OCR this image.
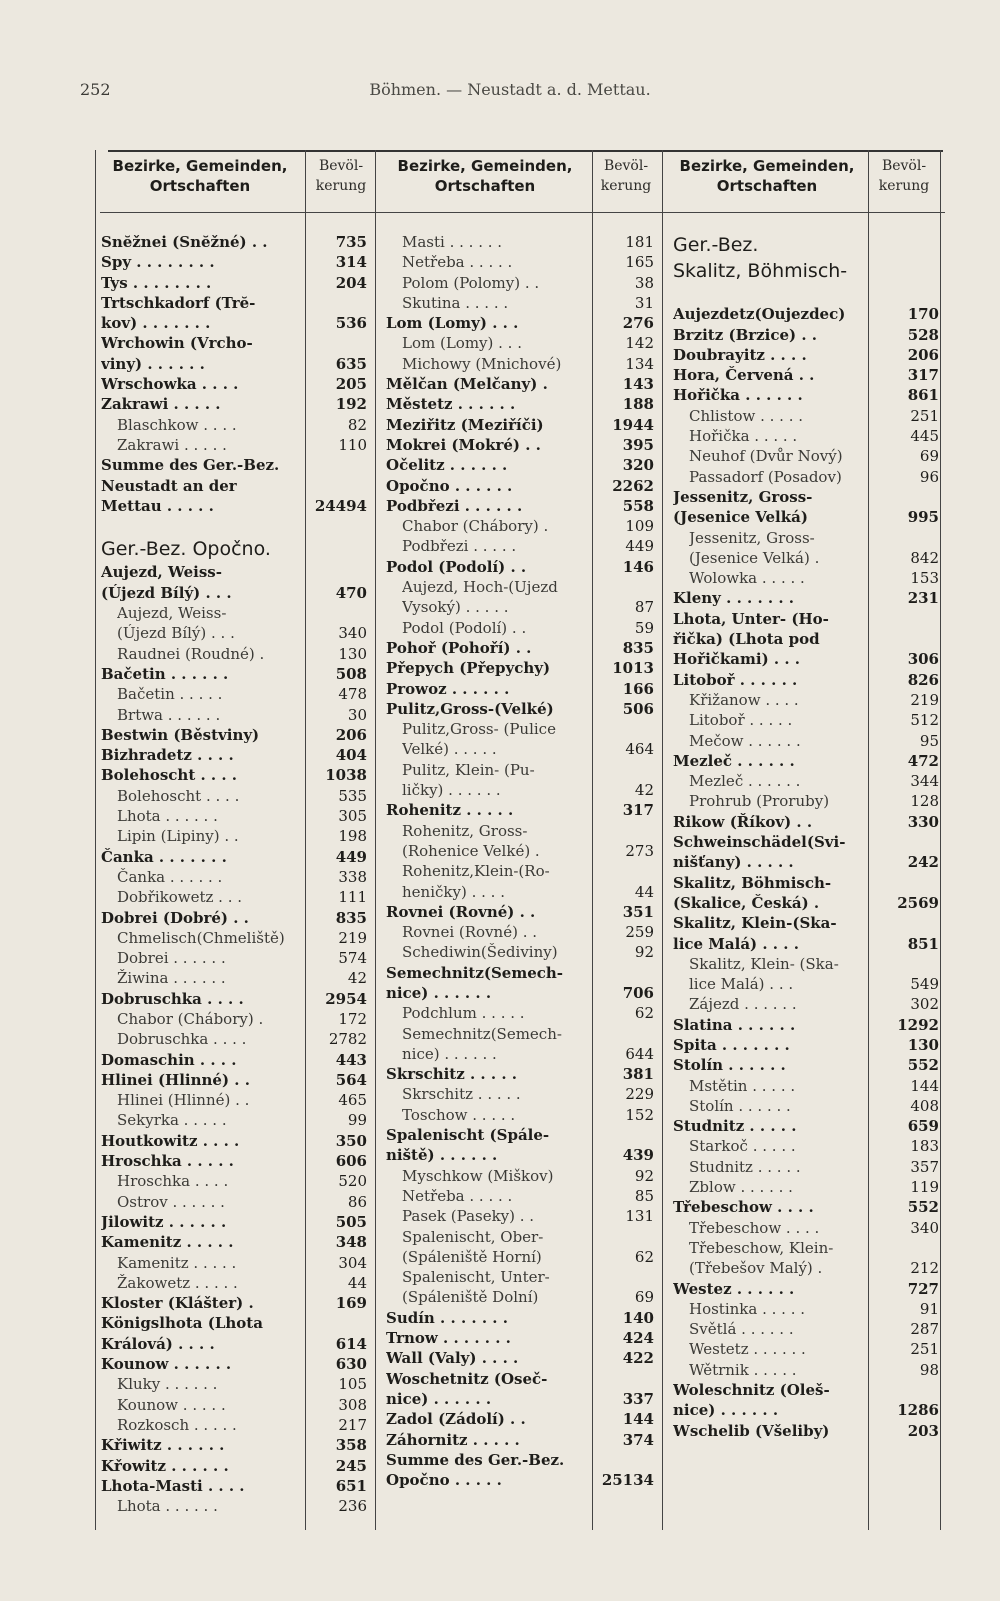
252	Böhmen. — Neustadt a. d. Mettau.
Bezirke, Gemeinden, Ortschaften
Bevöl- kerung
Bezirke, Gemeinden, Ortschaften
Bevöl- kerung
Bezirke, Gemeinden, Ortschaften
Bevöl- kerung
Snĕžnei (Snĕžné) . .	735
Spy . . . . . . . .	314
Tys . . . . . . . .	204
Trtschkadorf (Trĕ-
kov) . . . . . . .	536
Wrchowin (Vrcho-
viny) . . . . . .	635
Wrschowka . . . .	205
Zakrawi . . . . .	192
Blaschkow . . . .	82
Zakrawi . . . . .	110
Summe des Ger.-Bez.
Neustadt an der
Mettau . . . . .	24494
Ger.-Bez. Opočno.
Aujezd, Weiss-
(Újezd Bílý) . . .	470
Aujezd, Weiss-
(Újezd Bílý) . . .	340
Raudnei (Roudné) .	130
Bačetin . . . . . .	508
Bačetin . . . . .	478
Brtwa . . . . . .	30
Bestwin (Běstviny)	206
Bizhradetz . . . .	404
Bolehoscht . . . .	1038
Bolehoscht . . . .	535
Lhota . . . . . .	305
Lipin (Lipiny) . .	198
Čanka . . . . . . .	449
Čanka . . . . . .	338
Dobřikowetz . . .	111
Dobrei (Dobré) . .	835
Chmelisch(Chmeliště)	219
Dobrei . . . . . .	574
Žiwina . . . . . .	42
Dobruschka . . . .	2954
Chabor (Chábory) .	172
Dobruschka . . . .	2782
Domaschin . . . .	443
Hlinei (Hlinné) . .	564
Hlinei (Hlinné) . .	465
Sekyrka . . . . .	99
Houtkowitz . . . .	350
Hroschka . . . . .	606
Hroschka . . . .	520
Ostrov . . . . . .	86
Jilowitz . . . . . .	505
Kamenitz . . . . .	348
Kamenitz . . . . .	304
Žakowetz . . . . .	44
Kloster (Klášter) .	169
Königslhota (Lhota
Králová) . . . .	614
Kounow . . . . . .	630
Kluky . . . . . .	105
Kounow . . . . .	308
Rozkosch . . . . .	217
Křiwitz . . . . . .	358
Křowitz . . . . . .	245
Lhota-Masti . . . .	651
Lhota . . . . . .	236
Masti . . . . . .	181
Netřeba . . . . .	165
Polom (Polomy) . .	38
Skutina . . . . .	31
Lom (Lomy) . . .	276
Lom (Lomy) . . .	142
Michowy (Mnichové)	134
Mělčan (Melčany) .	143
Městetz . . . . . .	188
Meziřitz (Meziříči)	1944
Mokrei (Mokré) . .	395
Očelitz . . . . . .	320
Opočno . . . . . .	2262
Podbřezi . . . . . .	558
Chabor (Chábory) .	109
Podbřezi . . . . .	449
Podol (Podolí) . .	146
Aujezd, Hoch-(Ujezd
Vysoký) . . . . .	87
Podol (Podolí) . .	59
Pohoř (Pohoří) . .	835
Přepych (Přepychy)	1013
Prowoz . . . . . .	166
Pulitz,Gross-(Velké)	506
Pulitz,Gross- (Pulice
Velké) . . . . .	464
Pulitz, Klein- (Pu-
ličky) . . . . . .	42
Rohenitz . . . . .	317
Rohenitz, Gross-
(Rohenice Velké) .	273
Rohenitz,Klein-(Ro-
heničky) . . . .	44
Rovnei (Rovné) . .	351
Rovnei (Rovné) . .	259
Schediwin(Šediviny)	92
Semechnitz(Semech-
nice) . . . . . .	706
Podchlum . . . . .	62
Semechnitz(Semech-
nice) . . . . . .	644
Skrschitz . . . . .	381
Skrschitz . . . . .	229
Toschow . . . . .	152
Spalenischt (Spále-
niště) . . . . . .	439
Myschkow (Miškov)	92
Netřeba . . . . .	85
Pasek (Paseky) . .	131
Spalenischt, Ober-
(Spáleniště Horní)	62
Spalenischt, Unter-
(Spáleniště Dolní)	69
Sudín . . . . . . .	140
Trnow . . . . . . .	424
Wall (Valy) . . . .	422
Woschetnitz (Oseč-
nice) . . . . . .	337
Zadol (Zádolí) . .	144
Záhornitz . . . . .	374
Summe des Ger.-Bez.
Opočno . . . . .	25134
Ger.-Bez.
Skalitz, Böhmisch-
Aujezdetz(Oujezdec)	170
Brzitz (Brzice) . .	528
Doubrayitz . . . .	206
Hora, Červená . .	317
Hořička . . . . . .	861
Chlistow . . . . .	251
Hořička . . . . .	445
Neuhof (Dvůr Nový)	69
Passadorf (Posadov)	96
Jessenitz, Gross-
(Jesenice Velká)	995
Jessenitz, Gross-
(Jesenice Velká) .	842
Wolowka . . . . .	153
Kleny . . . . . . .	231
Lhota, Unter- (Ho-
řička) (Lhota pod
Hořičkami) . . .	306
Litoboř . . . . . .	826
Křižanow . . . .	219
Litoboř . . . . .	512
Mečow . . . . . .	95
Mezleč . . . . . .	472
Mezleč . . . . . .	344
Prohrub (Proruby)	128
Rikow (Říkov) . .	330
Schweinschädel(Svi-
nišťany) . . . . .	242
Skalitz, Böhmisch-
(Skalice, Česká) .	2569
Skalitz, Klein-(Ska-
lice Malá) . . . .	851
Skalitz, Klein- (Ska-
lice Malá) . . .	549
Zájezd . . . . . .	302
Slatina . . . . . .	1292
Spita . . . . . . .	130
Stolín . . . . . .	552
Mstětin . . . . .	144
Stolín . . . . . .	408
Studnitz . . . . .	659
Starkoč . . . . .	183
Studnitz . . . . .	357
Zblow . . . . . .	119
Třebeschow . . . .	552
Třebeschow . . . .	340
Třebeschow, Klein-
(Třebešov Malý) .	212
Westez . . . . . .	727
Hostinka . . . . .	91
Světlá . . . . . .	287
Westetz . . . . . .	251
Wětrnik . . . . .	98
Woleschnitz (Oleš-
nice) . . . . . .	1286
Wschelib (Všeliby)	203
